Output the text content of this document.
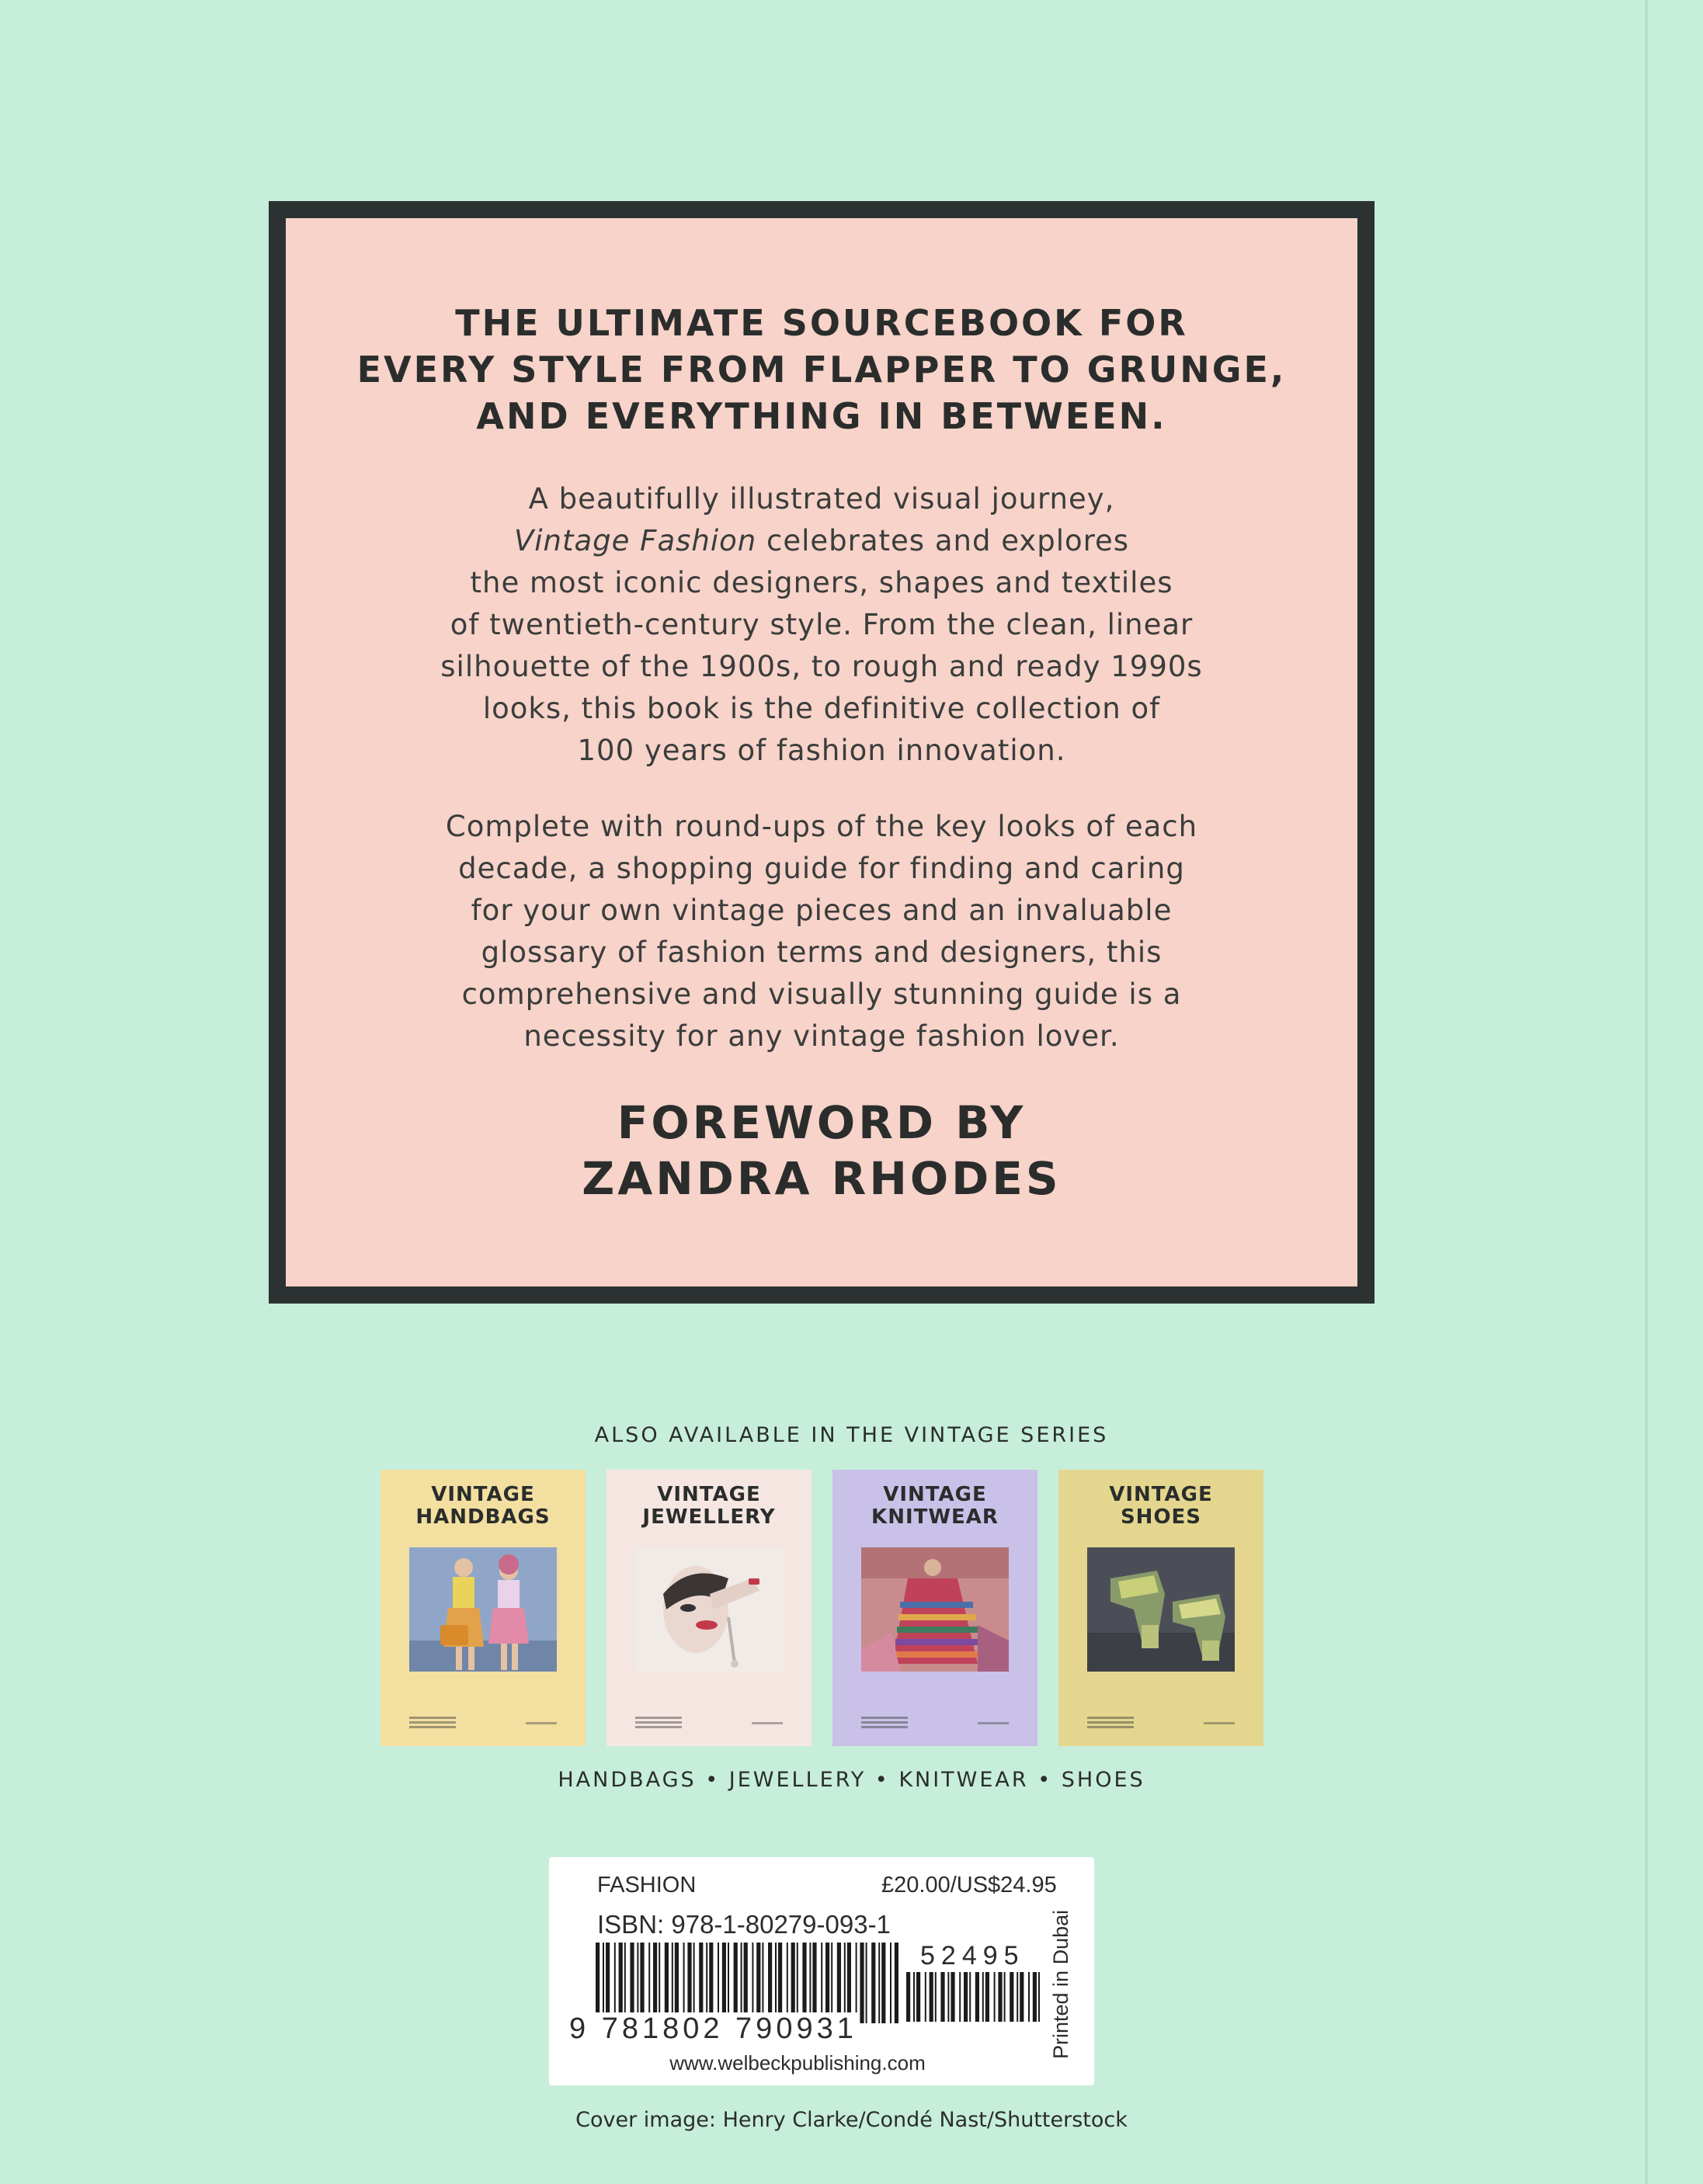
THE ULTIMATE SOURCEBOOK FOR
EVERY STYLE FROM FLAPPER TO GRUNGE,
AND EVERYTHING IN BETWEEN.
A beautifully illustrated visual journey,
Vintage Fashion celebrates and explores
the most iconic designers, shapes and textiles
of twentieth-century style. From the clean, linear
silhouette of the 1900s, to rough and ready 1990s
looks, this book is the definitive collection of
100 years of fashion innovation.
Complete with round-ups of the key looks of each
decade, a shopping guide for finding and caring
for your own vintage pieces and an invaluable
glossary of fashion terms and designers, this
comprehensive and visually stunning guide is a
necessity for any vintage fashion lover.
FOREWORD BY
ZANDRA RHODES
ALSO AVAILABLE IN THE VINTAGE SERIES
VINTAGE
HANDBAGS
VINTAGE
JEWELLERY
VINTAGE
KNITWEAR
VINTAGE
SHOES
HANDBAGS • JEWELLERY • KNITWEAR • SHOES
FASHION	£20.00/US$24.95
ISBN: 978-1-80279-093-1
52495
9 781802 790931
www.welbeckpublishing.com
Printed in Dubai
Cover image: Henry Clarke/Condé Nast/Shutterstock
